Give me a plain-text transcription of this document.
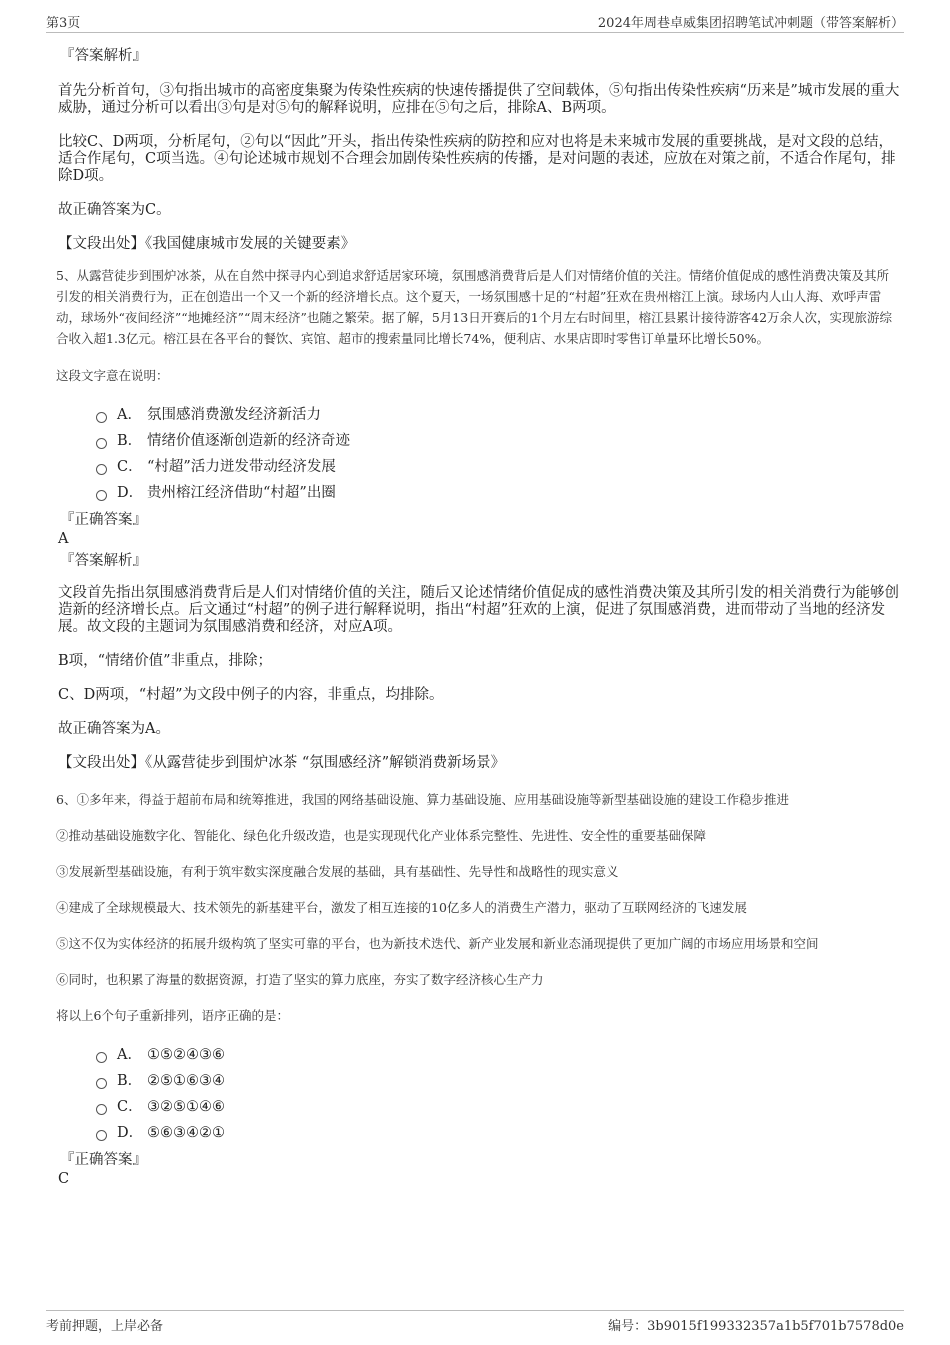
第3页	2024年周巷卓威集团招聘笔试冲刺题（带答案解析）
『答案解析』
首先分析首句，③句指出城市的高密度集聚为传染性疾病的快速传播提供了空间载体，⑤句指出传染性疾病“历来是”城市发展的重大威胁，通过分析可以看出③句是对⑤句的解释说明，应排在⑤句之后，排除A、B两项。
比较C、D两项，分析尾句，②句以“因此”开头，指出传染性疾病的防控和应对也将是未来城市发展的重要挑战，是对文段的总结，适合作尾句，C项当选。④句论述城市规划不合理会加剧传染性疾病的传播，是对问题的表述，应放在对策之前，不适合作尾句，排除D项。
故正确答案为C。
【文段出处】《我国健康城市发展的关键要素》
5、从露营徒步到围炉冰茶，从在自然中探寻内心到追求舒适居家环境，氛围感消费背后是人们对情绪价值的关注。情绪价值促成的感性消费决策及其所引发的相关消费行为，正在创造出一个又一个新的经济增长点。这个夏天，一场氛围感十足的“村超”狂欢在贵州榕江上演。球场内人山人海、欢呼声雷动，球场外“夜间经济”“地摊经济”“周末经济”也随之繁荣。据了解，5月13日开赛后的1个月左右时间里，榕江县累计接待游客42万余人次，实现旅游综合收入超1.3亿元。榕江县在各平台的餐饮、宾馆、超市的搜索量同比增长74%，便利店、水果店即时零售订单量环比增长50%。
这段文字意在说明：
A． 氛围感消费激发经济新活力
B． 情绪价值逐渐创造新的经济奇迹
C． “村超”活力迸发带动经济发展
D． 贵州榕江经济借助“村超”出圈
『正确答案』
A
『答案解析』
文段首先指出氛围感消费背后是人们对情绪价值的关注，随后又论述情绪价值促成的感性消费决策及其所引发的相关消费行为能够创造新的经济增长点。后文通过“村超”的例子进行解释说明，指出“村超”狂欢的上演，促进了氛围感消费，进而带动了当地的经济发展。故文段的主题词为氛围感消费和经济，对应A项。
B项，“情绪价值”非重点，排除；
C、D两项，“村超”为文段中例子的内容，非重点，均排除。
故正确答案为A。
【文段出处】《从露营徒步到围炉冰茶 “氛围感经济”解锁消费新场景》
6、①多年来，得益于超前布局和统筹推进，我国的网络基础设施、算力基础设施、应用基础设施等新型基础设施的建设工作稳步推进
②推动基础设施数字化、智能化、绿色化升级改造，也是实现现代化产业体系完整性、先进性、安全性的重要基础保障
③发展新型基础设施，有利于筑牢数实深度融合发展的基础，具有基础性、先导性和战略性的现实意义
④建成了全球规模最大、技术领先的新基建平台，激发了相互连接的10亿多人的消费生产潜力，驱动了互联网经济的飞速发展
⑤这不仅为实体经济的拓展升级构筑了坚实可靠的平台，也为新技术迭代、新产业发展和新业态涌现提供了更加广阔的市场应用场景和空间
⑥同时，也积累了海量的数据资源，打造了坚实的算力底座，夯实了数字经济核心生产力
将以上6个句子重新排列，语序正确的是：
A． ①⑤②④③⑥
B． ②⑤①⑥③④
C． ③②⑤①④⑥
D． ⑤⑥③④②①
『正确答案』
C
考前押题，上岸必备	编号：3b9015f199332357a1b5f701b7578d0e
